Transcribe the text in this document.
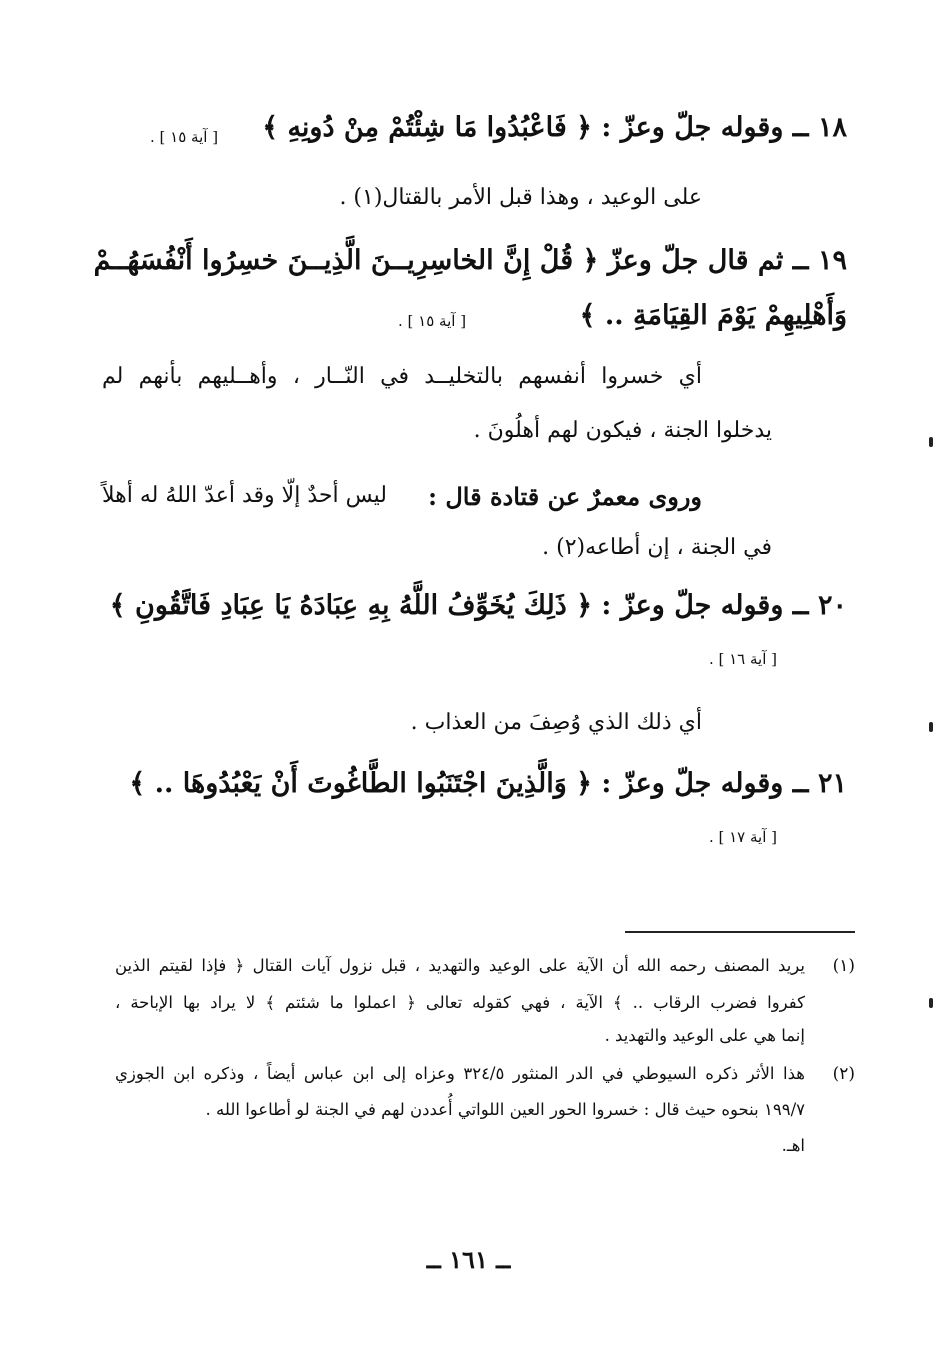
١٨ ــ وقوله جلّ وعزّ : ﴿ فَاعْبُدُوا مَا شِئْتُمْ مِنْ دُونِهِ ﴾
[ آية ١٥ ] .
على الوعيد ، وهذا قبل الأمر بالقتال(١) .
١٩ ــ ثم قال جلّ وعزّ ﴿ قُلْ إِنَّ الخاسِرِيــنَ الَّذِيــنَ خسِرُوا أَنْفُسَهُــمْ
وَأَهْلِيهِمْ يَوْمَ القِيَامَةِ .. ﴾
[ آية ١٥ ] .
أي خسروا أنفسهم بالتخليــد في النّــار ، وأهــليهم بأنهم لم
يدخلوا الجنة ، فيكون لهم أهلُونَ .
وروى معمرٌ عن قتادة قال :
ليس أحدٌ إلّا وقد أعدّ اللهُ له أهلاً
في الجنة ، إن أطاعه(٢) .
٢٠ ــ وقوله جلّ وعزّ : ﴿ ذَلِكَ يُخَوِّفُ اللَّهُ بِهِ عِبَادَهُ يَا عِبَادِ فَاتَّقُونِ ﴾
[ آية ١٦ ] .
أي ذلك الذي وُصِفَ من العذاب .
٢١ ــ وقوله جلّ وعزّ : ﴿ وَالَّذِينَ اجْتَنَبُوا الطَّاغُوتَ أَنْ يَعْبُدُوهَا .. ﴾
[ آية ١٧ ] .
(١)
يريد المصنف رحمه الله أن الآية على الوعيد والتهديد ، قبل نزول آيات القتال ﴿ فإذا لقيتم الذين
كفروا فضرب الرقاب .. ﴾ الآية ، فهي كقوله تعالى ﴿ اعملوا ما شئتم ﴾ لا يراد بها الإباحة ،
إنما هي على الوعيد والتهديد .
(٢)
هذا الأثر ذكره السيوطي في الدر المنثور ٣٢٤/٥ وعزاه إلى ابن عباس أيضاً ، وذكره ابن الجوزي
١٩٩/٧ بنحوه حيث قال : خسروا الحور العين اللواتي أُعددن لهم في الجنة لو أطاعوا الله .
اهـ.
ــ ١٦١ ــ
